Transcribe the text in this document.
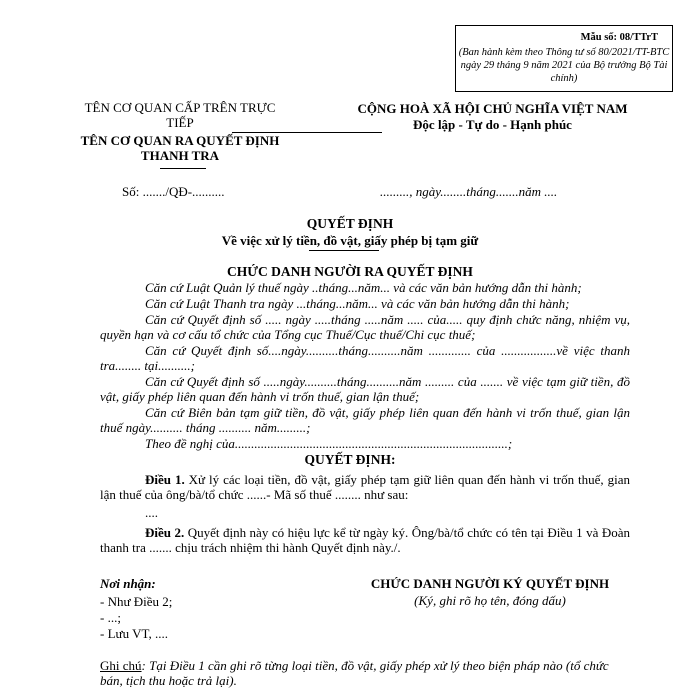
Mẫu số: 08/TTrT
(Ban hành kèm theo Thông tư số 80/2021/TT-BTC ngày 29 tháng 9 năm 2021 của Bộ trưởng Bộ Tài chính)
TÊN CƠ QUAN CẤP TRÊN TRỰC TIẾP
TÊN CƠ QUAN RA QUYẾT ĐỊNH THANH TRA
Số: ......./QĐ-..........
CỘNG HOÀ XÃ HỘI CHỦ NGHĨA VIỆT NAM
Độc lập - Tự do - Hạnh phúc
........., ngày........tháng.......năm ....
QUYẾT ĐỊNH
Về việc xử lý tiền, đồ vật, giấy phép bị tạm giữ
CHỨC DANH NGƯỜI RA QUYẾT ĐỊNH
Căn cứ Luật Quản lý thuế ngày ..tháng...năm... và các văn bản hướng dẫn thi hành;
Căn cứ Luật Thanh tra ngày ...tháng...năm... và các văn bản hướng dẫn thi hành;
Căn cứ Quyết định số ..... ngày .....tháng .....năm ..... của..... quy định chức năng, nhiệm vụ, quyền hạn và cơ cấu tổ chức của Tổng cục Thuế/Cục thuế/Chi cục thuế;
Căn cứ Quyết định số....ngày..........tháng..........năm ............. của .................về việc thanh tra........ tại..........;
Căn cứ Quyết định số .....ngày..........tháng..........năm ......... của ....... về việc tạm giữ tiền, đồ vật, giấy phép liên quan đến hành vi trốn thuế, gian lận thuế;
Căn cứ Biên bản tạm giữ tiền, đồ vật, giấy phép liên quan đến hành vi trốn thuế, gian lận thuế ngày.......... tháng .......... năm.........;
Theo đề nghị của....................................................................................;
QUYẾT ĐỊNH:
Điều 1. Xử lý các loại tiền, đồ vật, giấy phép tạm giữ liên quan đến hành vi trốn thuế, gian lận thuế của ông/bà/tổ chức ......- Mã số thuế ........ như sau:
....
Điều 2. Quyết định này có hiệu lực kể từ ngày ký. Ông/bà/tổ chức có tên tại Điều 1 và Đoàn thanh tra ....... chịu trách nhiệm thi hành Quyết định này./.
Nơi nhận:
- Như Điều 2;
- ...;
- Lưu VT, ....
CHỨC DANH NGƯỜI KÝ QUYẾT ĐỊNH
(Ký, ghi rõ họ tên, đóng dấu)
Ghi chú: Tại Điều 1 cần ghi rõ từng loại tiền, đồ vật, giấy phép xử lý theo biện pháp nào (tổ chức bán, tịch thu hoặc trả lại).
